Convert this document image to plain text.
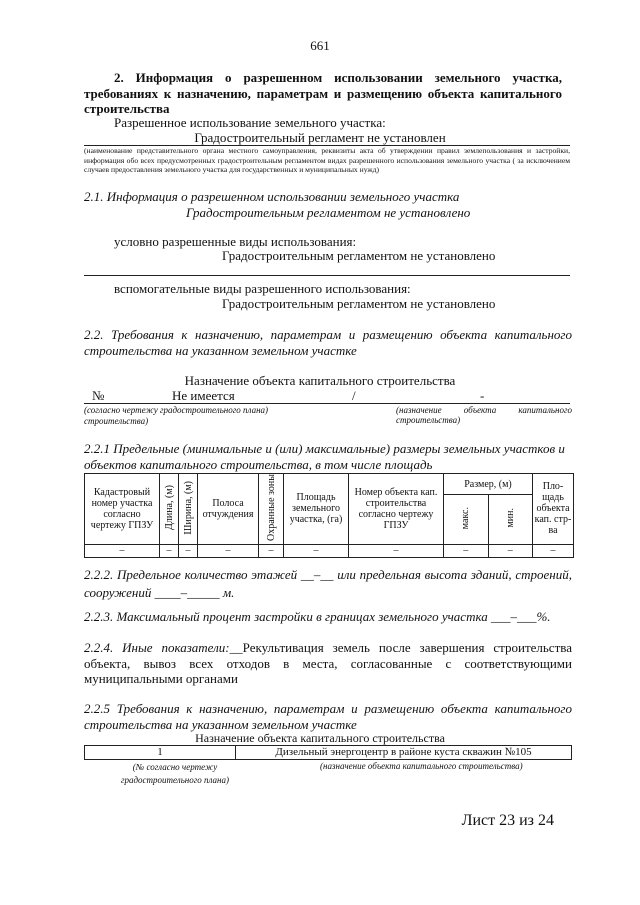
661
2. Информация о разрешенном использовании земельного участка, требованиях к назначению, параметрам и размещению объекта капитального строительства
Разрешенное использование земельного участка:
Градостроительный регламент не установлен
(наименование представительного органа местного самоуправления, реквизиты акта об утверждении правил землепользования и застройки, информация обо всех предусмотренных градостроительным регламентом видах разрешенного использования земельного участка ( за исключением случаев предоставления земельного участка для государственных и муниципальных нужд)
2.1. Информация о разрешенном использовании земельного участка
Градостроительным регламентом не установлено
условно разрешенные виды использования:
Градостроительным регламентом не установлено
вспомогательные виды разрешенного использования:
Градостроительным регламентом не установлено
2.2. Требования к назначению, параметрам и размещению объекта капитального строительства на указанном земельном участке
Назначение объекта капитального строительства
№	Не имеется	/	-
(согласно чертежу градостроительного плана)	(назначение объекта капитального строительства)
строительства)
2.2.1 Предельные (минимальные и (или) максимальные) размеры земельных участков и объектов капитального строительства, в том числе площадь
Кадастровый номер участка согласно чертежу ГПЗУ	Длина, (м)	Ширина, (м)	Полоса отчуждения	Охранные зоны	Площадь земельного участка, (га)	Номер объекта кап. строительства согласно чертежу ГПЗУ	Размер, (м)		Пло-щадь объекта кап. стр-ва
							макс.	мин.	
–	–	–	–	–	–	–	–	–	–
2.2.2. Предельное количество этажей __–__ или предельная высота зданий, строений, сооружений ____–_____ м.
2.2.3. Максимальный процент застройки в границах земельного участка ___–___%.
2.2.4. Иные показатели:__Рекультивация земель после завершения строительства объекта, вывоз всех отходов в места, согласованные с соответствующими муниципальными органами
2.2.5 Требования к назначению, параметрам и размещению объекта капитального строительства на указанном земельном участке
Назначение объекта капитального строительства
1	Дизельный энергоцентр в районе куста скважин №105
(№ согласно чертежу градостроительного плана)
(назначение объекта капитального строительства)
Лист 23 из 24
